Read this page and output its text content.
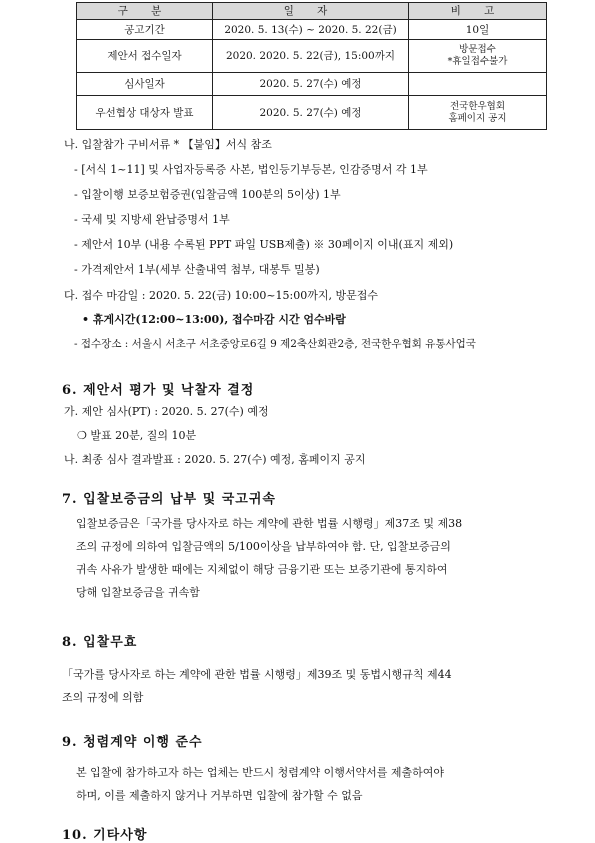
구 분	일 자	비 고
공고기간	2020. 5. 13(수) ~ 2020. 5. 22(금)	10일
제안서 접수일자	2020. 2020. 5. 22(금), 15:00까지	방문접수
*휴일접수불가

심사일자	2020. 5. 27(수) 예정	
우선협상 대상자 발표	2020. 5. 27(수) 예정	전국한우협회
홈페이지 공지
나. 입찰참가 구비서류 * 【붙임】서식 참조
- [서식 1~11] 및 사업자등록증 사본, 법인등기부등본, 인감증명서 각 1부
- 입찰이행 보증보험증권(입찰금액 100분의 5이상) 1부
- 국세 및 지방세 완납증명서 1부
- 제안서 10부 (내용 수록된 PPT 파일 USB제출) ※ 30페이지 이내(표지 제외)
- 가격제안서 1부(세부 산출내역 첨부, 대봉투 밀봉)
다. 접수 마감일 : 2020. 5. 22(금) 10:00~15:00까지, 방문접수
• 휴게시간(12:00~13:00), 접수마감 시간 엄수바람
- 접수장소 : 서울시 서초구 서초중앙로6길 9 제2축산회관2층, 전국한우협회 유통사업국
6. 제안서 평가 및 낙찰자 결정
가. 제안 심사(PT) : 2020. 5. 27(수) 예정
❍ 발표 20분, 질의 10분
나. 최종 심사 결과발표 : 2020. 5. 27(수) 예정, 홈페이지 공지
7. 입찰보증금의 납부 및 국고귀속
입찰보증금은「국가를 당사자로 하는 계약에 관한 법률 시행령」제37조 및 제38
조의 규정에 의하여 입찰금액의 5/100이상을 납부하여야 함. 단, 입찰보증금의
귀속 사유가 발생한 때에는 지체없이 해당 금융기관 또는 보증기관에 통지하여
당해 입찰보증금을 귀속함
8. 입찰무효
「국가를 당사자로 하는 계약에 관한 법률 시행령」제39조 및 동법시행규칙 제44
조의 규정에 의함
9. 청렴계약 이행 준수
본 입찰에 참가하고자 하는 업체는 반드시 청렴계약 이행서약서를 제출하여야
하며, 이를 제출하지 않거나 거부하면 입찰에 참가할 수 없음
10. 기타사항
